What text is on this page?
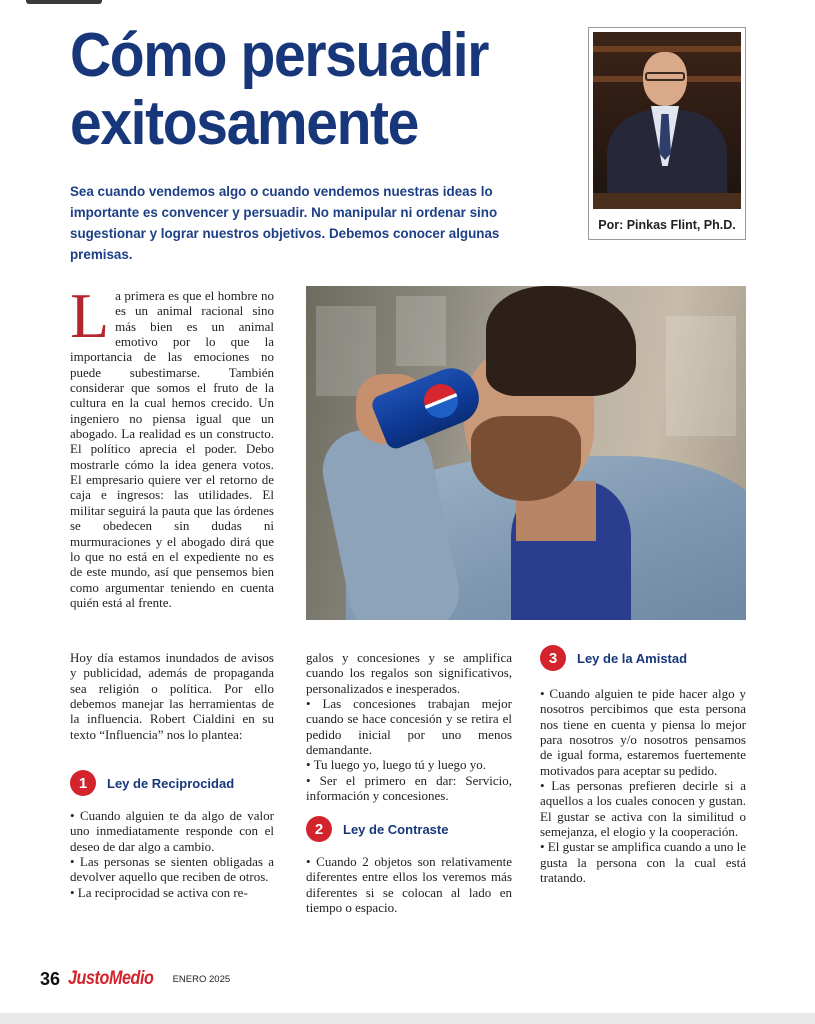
Cómo persuadir
exitosamente

Sea cuando vendemos algo o cuando vendemos nuestras ideas lo importante es convencer y persuadir. No manipular ni ordenar sino sugestionar y lograr nuestros objetivos. Debemos conocer algunas premisas.

Por: Pinkas Flint, Ph.D.
L a primera es que el hombre no es un animal racional sino más bien es un animal emotivo por lo que la importancia de las emociones no puede subestimarse. También considerar que somos el fruto de la cultura en la cual hemos crecido. Un ingeniero no piensa igual que un abogado. La realidad es un constructo. El político aprecia el poder. Debo mostrarle cómo la idea genera votos. El empresario quiere ver el retorno de caja e ingresos: las utilidades. El militar seguirá la pauta que las órdenes se obedecen sin dudas ni murmuraciones y el abogado dirá que lo que no está en el expediente no es de este mundo, así que pensemos bien como argumentar teniendo en cuenta quién está al frente.
Hoy día estamos inundados de avisos y publicidad, además de propaganda sea religión o política. Por ello debemos manejar las herramientas de la influencia. Robert Cialdini en su texto “Influencia” nos lo plantea:
1	Ley de Reciprocidad

• Cuando alguien te da algo de valor uno inmediatamente responde con el deseo de dar algo a cambio.

• Las personas se sienten obligadas a devolver aquello que reciben de otros.

• La reciprocidad se activa con re-

galos y concesiones y se amplifica cuando los regalos son significativos, personalizados e inesperados.

• Las concesiones trabajan mejor cuando se hace concesión y se retira el pedido inicial por uno menos demandante.

• Tu luego yo, luego tú y luego yo.

• Ser el primero en dar: Servicio, información y concesiones.

2	Ley de Contraste

• Cuando 2 objetos son relativamente diferentes entre ellos los veremos más diferentes si se colocan al lado en tiempo o espacio.

3	Ley de la Amistad

• Cuando alguien te pide hacer algo y nosotros percibimos que esta persona nos tiene en cuenta y piensa lo mejor para nosotros y/o nosotros pensamos de igual forma, estaremos fuertemente motivados para aceptar su pedido.

• Las personas prefieren decirle si a aquellos a los cuales conocen y gustan. El gustar se activa con la similitud o semejanza, el elogio y la cooperación.

• El gustar se amplifica cuando a uno le gusta la persona con la cual está tratando.

36 JustoMedio ENERO 2025
